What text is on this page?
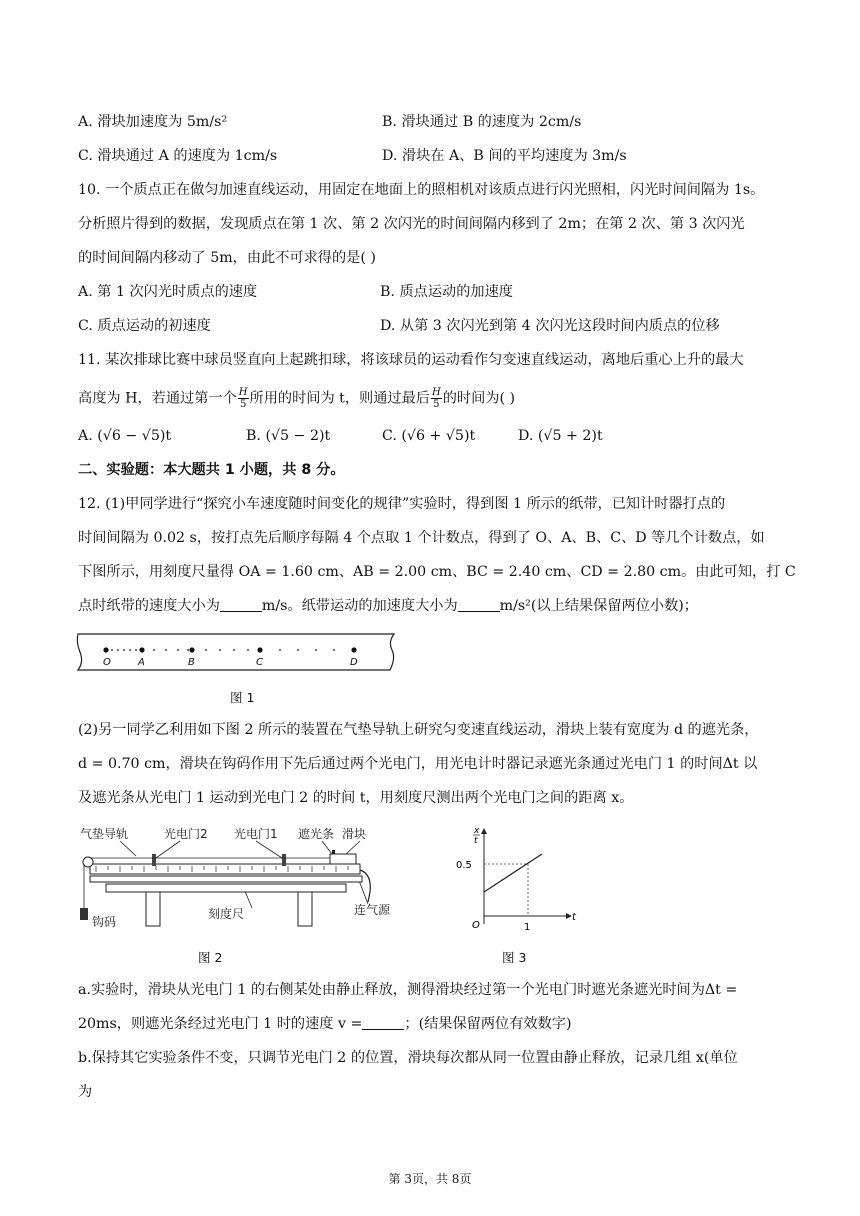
A. 滑块加速度为 5m/s²	B. 滑块通过 B 的速度为 2cm/s
C. 滑块通过 A 的速度为 1cm/s	D. 滑块在 A、B 间的平均速度为 3m/s
10. 一个质点正在做匀加速直线运动，用固定在地面上的照相机对该质点进行闪光照相，闪光时间间隔为 1s。
分析照片得到的数据，发现质点在第 1 次、第 2 次闪光的时间间隔内移到了 2m；在第 2 次、第 3 次闪光
的时间间隔内移动了 5m，由此不可求得的是( )
A. 第 1 次闪光时质点的速度	B. 质点运动的加速度
C. 质点运动的初速度	D. 从第 3 次闪光到第 4 次闪光这段时间内质点的位移
11. 某次排球比赛中球员竖直向上起跳扣球，将该球员的运动看作匀变速直线运动，离地后重心上升的最大
高度为 H，若通过第一个 $\frac{H}{5}$ 所用的时间为 t，则通过最后 $\frac{H}{5}$ 的时间为( )
A. (√6 − √5)t	B. (√5 − 2)t	C. (√6 + √5)t	D. (√5 + 2)t
二、实验题：本大题共 1 小题，共 8 分。
12. (1)甲同学进行“探究小车速度随时间变化的规律”实验时，得到图 1 所示的纸带，已知计时器打点的
时间间隔为 0.02 s，按打点先后顺序每隔 4 个点取 1 个计数点，得到了 O、A、B、C、D 等几个计数点，如
下图所示，用刻度尺量得 OA = 1.60 cm、AB = 2.00 cm、BC = 2.40 cm、CD = 2.80 cm。由此可知，打 C
点时纸带的速度大小为	m/s。纸带运动的加速度大小为	m/s²(以上结果保留两位小数)；
O	A	B	C	D
图 1
(2)另一同学乙利用如下图 2 所示的装置在气垫导轨上研究匀变速直线运动，滑块上装有宽度为 d 的遮光条，
d = 0.70 cm，滑块在钩码作用下先后通过两个光电门，用光电计时器记录遮光条通过光电门 1 的时间Δt 以
及遮光条从光电门 1 运动到光电门 2 的时间 t，用刻度尺测出两个光电门之间的距离 x。
气垫导轨	光电门2 光电门1 遮光条 滑块
刻度尺	连气源
钩码
图 2
x
t
t
O
0.5
1
图 3
a.实验时，滑块从光电门 1 的右侧某处由静止释放，测得滑块经过第一个光电门时遮光条遮光时间为Δt =
20ms，则遮光条经过光电门 1 时的速度 v =	；(结果保留两位有效数字)
b.保持其它实验条件不变，只调节光电门 2 的位置，滑块每次都从同一位置由静止释放，记录几组 x(单位
为
第 3页，共 8页
